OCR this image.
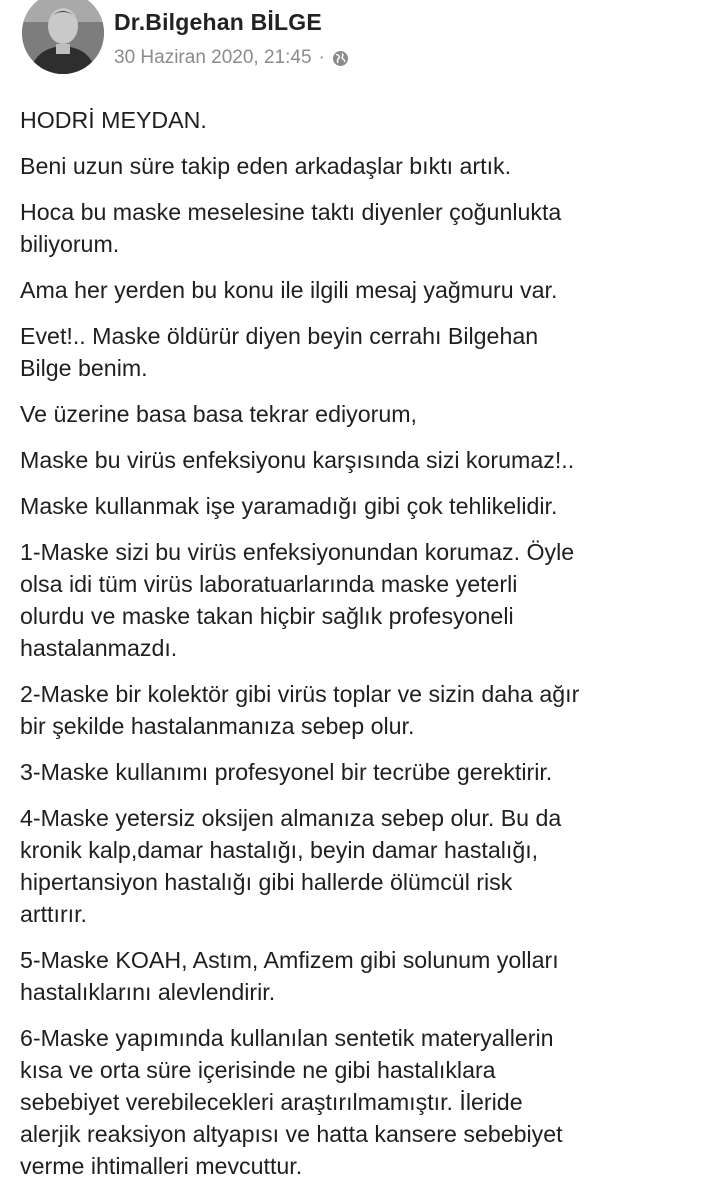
Dr.Bilgehan BİLGE
30 Haziran 2020, 21:45 ·

HODRİ MEYDAN.

Beni uzun süre takip eden arkadaşlar bıktı artık.

Hoca bu maske meselesine taktı diyenler çoğunlukta
biliyorum.

Ama her yerden bu konu ile ilgili mesaj yağmuru var.

Evet!.. Maske öldürür diyen beyin cerrahı Bilgehan
Bilge benim.

Ve üzerine basa basa tekrar ediyorum,

Maske bu virüs enfeksiyonu karşısında sizi korumaz!..

Maske kullanmak işe yaramadığı gibi çok tehlikelidir.

1-Maske sizi bu virüs enfeksiyonundan korumaz. Öyle
olsa idi tüm virüs laboratuarlarında maske yeterli
olurdu ve maske takan hiçbir sağlık profesyoneli
hastalanmazdı.

2-Maske bir kolektör gibi virüs toplar ve sizin daha ağır
bir şekilde hastalanmanıza sebep olur.

3-Maske kullanımı profesyonel bir tecrübe gerektirir.

4-Maske yetersiz oksijen almanıza sebep olur. Bu da
kronik kalp,damar hastalığı, beyin damar hastalığı,
hipertansiyon hastalığı gibi hallerde ölümcül risk
arttırır.

5-Maske KOAH, Astım, Amfizem gibi solunum yolları
hastalıklarını alevlendirir.

6-Maske yapımında kullanılan sentetik materyallerin
kısa ve orta süre içerisinde ne gibi hastalıklara
sebebiyet verebilecekleri araştırılmamıştır. İleride
alerjik reaksiyon altyapısı ve hatta kansere sebebiyet
verme ihtimalleri mevcuttur.
